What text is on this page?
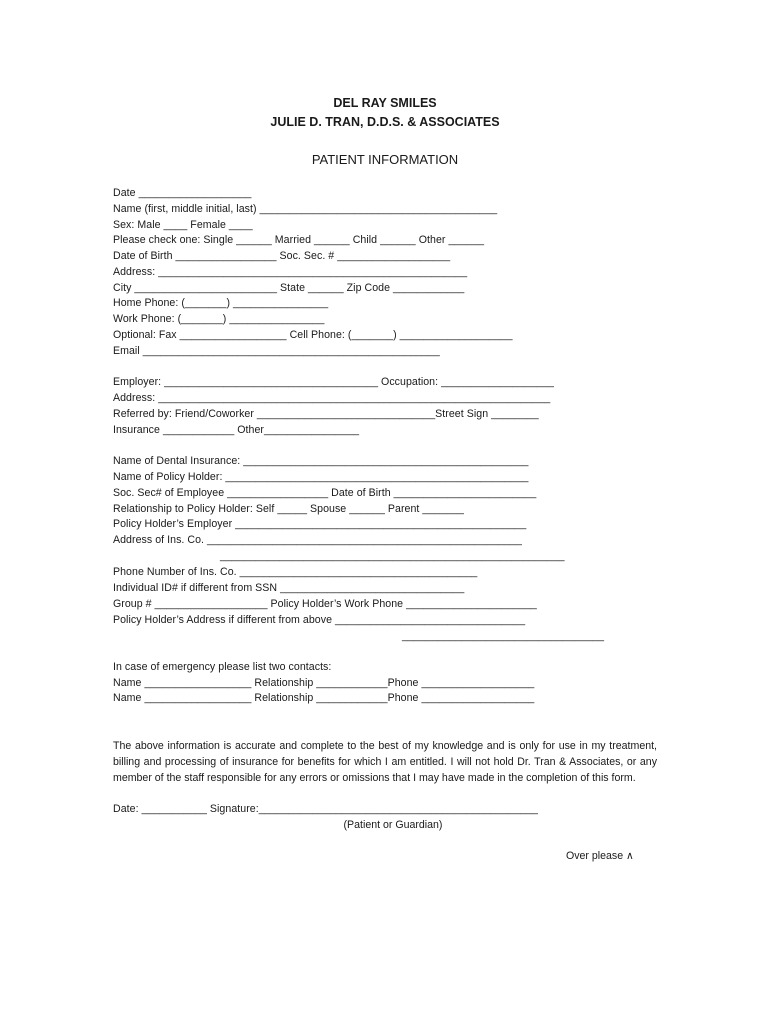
DEL RAY SMILES
JULIE D. TRAN, D.D.S. & ASSOCIATES
PATIENT INFORMATION
Date ___________________
Name (first, middle initial, last) ________________________________________
Sex: Male ____ Female ____
Please check one: Single ______ Married ______ Child ______ Other ______
Date of Birth _________________ Soc. Sec. # ___________________
Address: ____________________________________________________
City ________________________ State ______ Zip Code ____________
Home Phone: (_______) ________________
Work Phone: (_______) ________________
Optional: Fax __________________ Cell Phone: (_______) ___________________
Email __________________________________________________
Employer: ____________________________________ Occupation: ___________________
Address: __________________________________________________________________
Referred by: Friend/Coworker ______________________________Street Sign ________
Insurance ____________ Other________________
Name of Dental Insurance: ________________________________________________
Name of Policy Holder: ___________________________________________________
Soc. Sec# of Employee _________________ Date of Birth ________________________
Relationship to Policy Holder: Self _____ Spouse ______ Parent _______
Policy Holder’s Employer _________________________________________________
Address of Ins. Co. _____________________________________________________
__________________________________________________________
Phone Number of Ins. Co. ________________________________________
Individual ID# if different from SSN _______________________________
Group # ___________________ Policy Holder’s Work Phone ______________________
Policy Holder’s Address if different from above ________________________________
__________________________________
In case of emergency please list two contacts:
Name __________________ Relationship ____________Phone ___________________
Name __________________ Relationship ____________Phone ___________________

The above information is accurate and complete to the best of my knowledge and is only for use in my treatment, billing and processing of insurance for benefits for which I am entitled. I will not hold Dr. Tran & Associates, or any member of the staff responsible for any errors or omissions that I may have made in the completion of this form.

Date: ___________ Signature:_______________________________________________
(Patient or Guardian)
Over please ∧
